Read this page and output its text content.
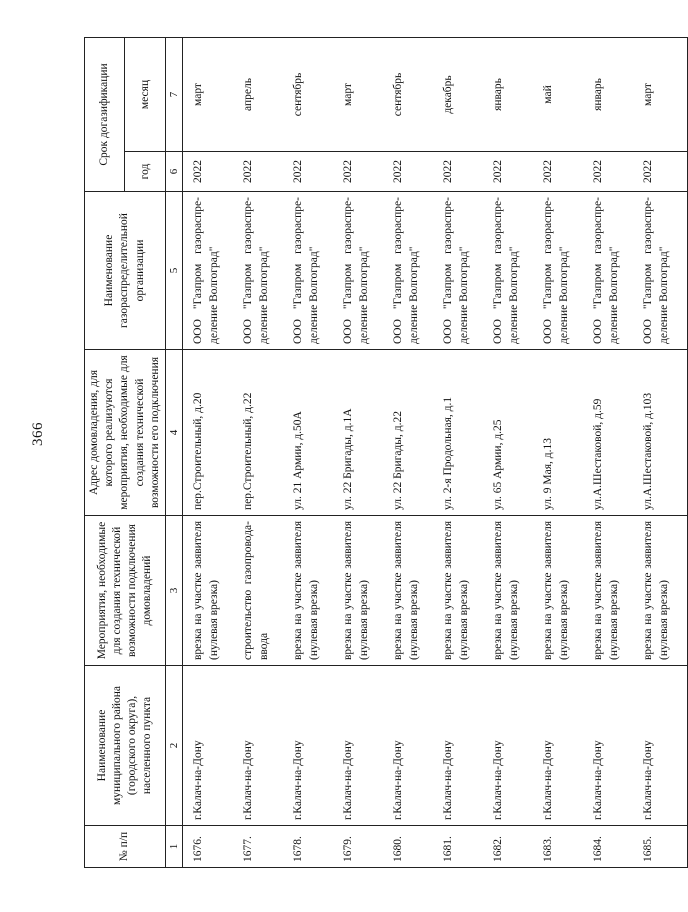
366
№ п/п	Наименование муниципального района (городского округа), населенного пункта	Мероприятия, необходимые для создания технической возможности подключения домовладений	Адрес домовладения, для которого реализуются мероприятия, необходимые для создания технической возможности его подключения	Наименование газораспределительной организации	Срок догазификации	
					год	месяц
1	2	3	4	5	6	7
1676.	г.Калач-на-Дону	врезка на участке заявителя (нулевая врезка)	пер.Строительный, д.20	ООО "Газпром газораспре-деление Волгоград"	2022	март
1677.	г.Калач-на-Дону	строительство газопровода-ввода	пер.Строительный, д.22	ООО "Газпром газораспре-деление Волгоград"	2022	апрель
1678.	г.Калач-на-Дону	врезка на участке заявителя (нулевая врезка)	ул. 21 Армии, д.50А	ООО "Газпром газораспре-деление Волгоград"	2022	сентябрь
1679.	г.Калач-на-Дону	врезка на участке заявителя (нулевая врезка)	ул. 22 Бригады, д.1А	ООО "Газпром газораспре-деление Волгоград"	2022	март
1680.	г.Калач-на-Дону	врезка на участке заявителя (нулевая врезка)	ул. 22 Бригады, д.22	ООО "Газпром газораспре-деление Волгоград"	2022	сентябрь
1681.	г.Калач-на-Дону	врезка на участке заявителя (нулевая врезка)	ул. 2-я Продольная, д.1	ООО "Газпром газораспре-деление Волгоград"	2022	декабрь
1682.	г.Калач-на-Дону	врезка на участке заявителя (нулевая врезка)	ул. 65 Армии, д.25	ООО "Газпром газораспре-деление Волгоград"	2022	январь
1683.	г.Калач-на-Дону	врезка на участке заявителя (нулевая врезка)	ул. 9 Мая, д.13	ООО "Газпром газораспре-деление Волгоград"	2022	май
1684.	г.Калач-на-Дону	врезка на участке заявителя (нулевая врезка)	ул.А.Шестаковой, д.59	ООО "Газпром газораспре-деление Волгоград"	2022	январь
1685.	г.Калач-на-Дону	врезка на участке заявителя (нулевая врезка)	ул.А.Шестаковой, д.103	ООО "Газпром газораспре-деление Волгоград"	2022	март
